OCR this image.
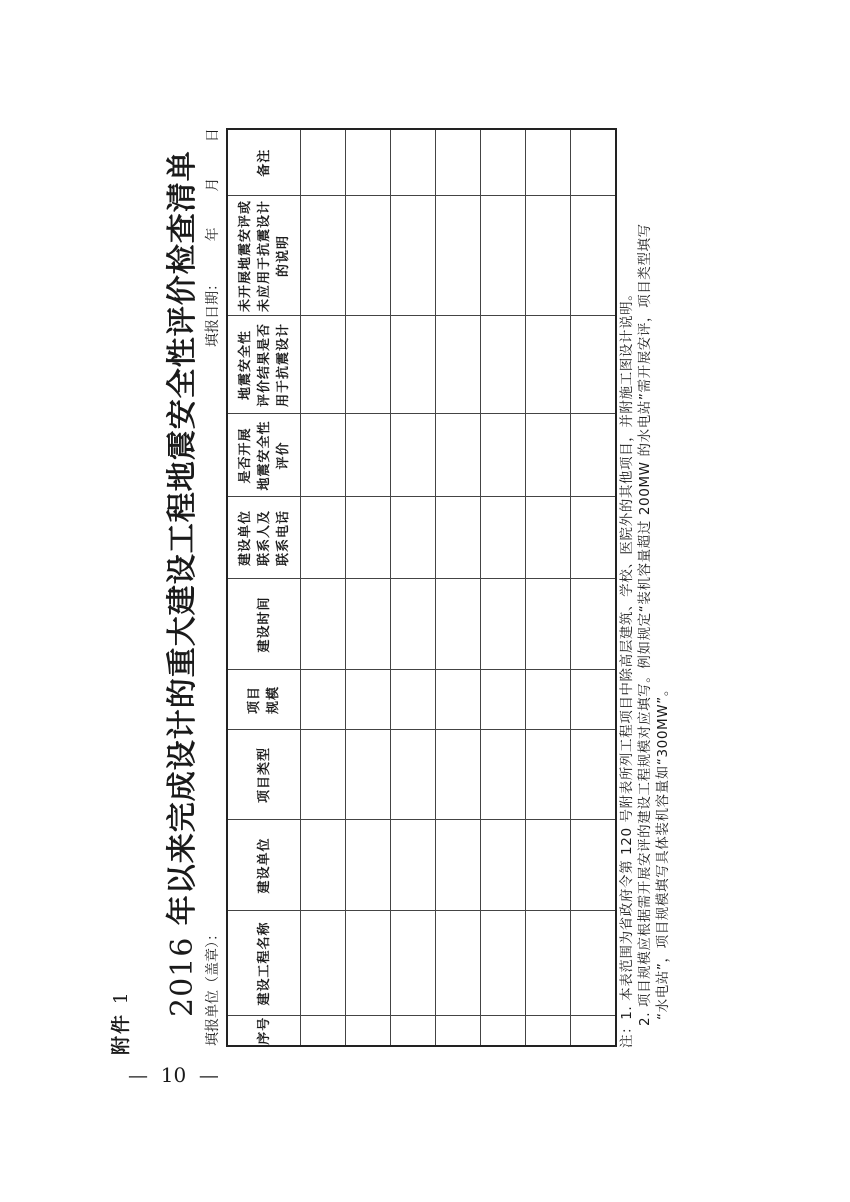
附件 1 2016 年以来完成设计的重大建设工程地震安全性评价检查清单
填报单位（盖章）：
填报日期：        年        月        日
序号	建设工程名称	建设单位	项目类型	项目 规模	建设时间	建设单位 联系人及 联系电话	是否开展 地震安全性 评价	地震安全性 评价结果是否 用于抗震设计	未开展地震安评或 未应用于抗震设计 的说明	备注

注：1. 本表范围为省政府令第 120 号附表所列工程项目中除高层建筑、学校、医院外的其他项目，并附施工图设计说明。 2. 项目规模应根据需开展安评的建设工程规模对应填写。例如规定“装机容量超过 200MW 的水电站”需开展安评，项目类型填写 “水电站”，项目规模填写具体装机容量如“300MW”。
—  10  —
